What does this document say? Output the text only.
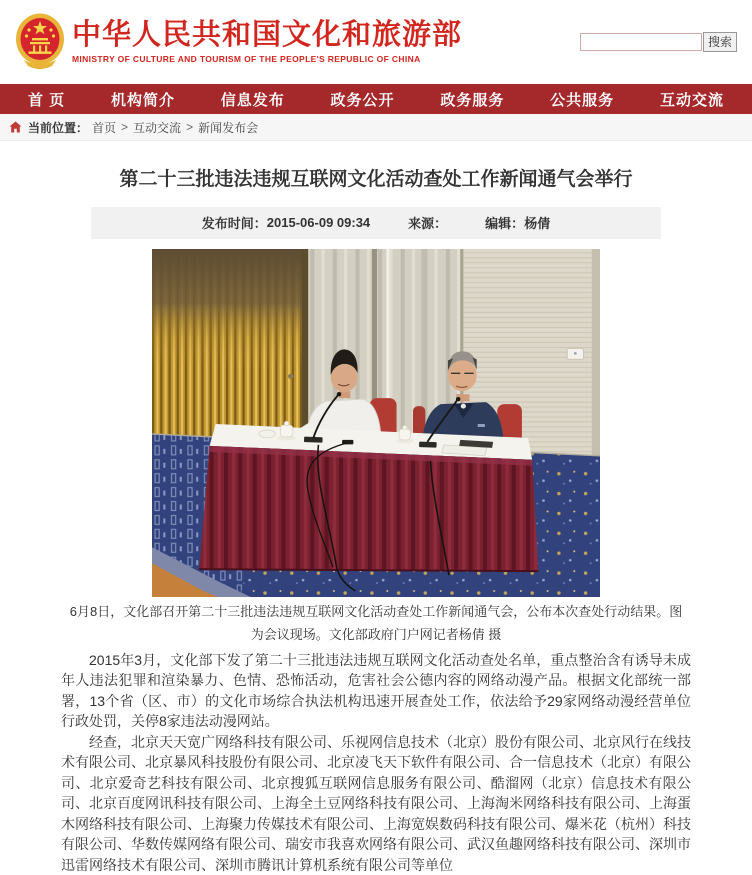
中华人民共和国文化和旅游部
MINISTRY OF CULTURE AND TOURISM OF THE PEOPLE'S REPUBLIC OF CHINA
搜索
首 页	机构简介	信息发布	政务公开	政务服务	公共服务	互动交流
当前位置： 首页 > 互动交流 > 新闻发布会
第二十三批违法违规互联网文化活动查处工作新闻通气会举行
发布时间： 2015-06-09 09:34	来源：	编辑： 杨倩
6月8日，文化部召开第二十三批违法违规互联网文化活动查处工作新闻通气会，公布本次查处行动结果。图为会议现场。文化部政府门户网记者杨倩 摄

2015年3月，文化部下发了第二十三批违法违规互联网文化活动查处名单，重点整治含有诱导未成年人违法犯罪和渲染暴力、色情、恐怖活动，危害社会公德内容的网络动漫产品。根据文化部统一部署，13个省（区、市）的文化市场综合执法机构迅速开展查处工作，依法给予29家网络动漫经营单位行政处罚，关停8家违法动漫网站。

经查，北京天天宽广网络科技有限公司、乐视网信息技术（北京）股份有限公司、北京风行在线技术有限公司、北京暴风科技股份有限公司、北京凌飞天下软件有限公司、合一信息技术（北京）有限公司、北京爱奇艺科技有限公司、北京搜狐互联网信息服务有限公司、酷溜网（北京）信息技术有限公司、北京百度网讯科技有限公司、上海全土豆网络科技有限公司、上海淘米网络科技有限公司、上海蛋木网络科技有限公司、上海聚力传媒技术有限公司、上海宽娱数码科技有限公司、爆米花（杭州）科技有限公司、华数传媒网络有限公司、瑞安市我喜欢网络有限公司、武汉鱼趣网络科技有限公司、深圳市迅雷网络技术有限公司、深圳市腾讯计算机系统有限公司等单位
